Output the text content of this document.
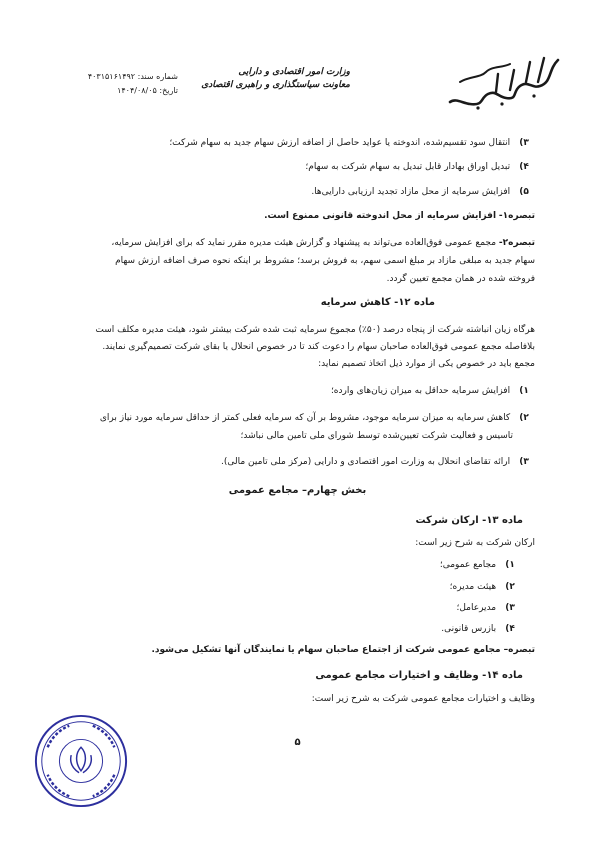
وزارت امور اقتصادی و دارایی
معاونت سیاستگذاری و راهبری اقتصادی
شماره سند: ۴۰۳۱۵۱۶۱۴۹۲
تاریخ: ۱۴۰۴/۰۸/۰۵
۳) انتقال سود تقسیم‌شده، اندوخته یا عواید حاصل از اضافه ارزش سهام جدید به سهام شرکت؛
۴) تبدیل اوراق بهادار قابل تبدیل به سهام شرکت به سهام؛
۵) افزایش سرمایه از محل مازاد تجدید ارزیابی دارایی‌ها.
تبصره۱- افزایش سرمایه از محل اندوخته قانونی ممنوع است.
تبصره۲- مجمع عمومی فوق‌العاده می‌تواند به پیشنهاد و گزارش هیئت مدیره مقرر نماید که برای افزایش سرمایه،
سهام جدید به مبلغی مازاد بر مبلغ اسمی سهم، به فروش برسد؛ مشروط بر اینکه نحوه صرف اضافه ارزش سهام
فروخته شده در همان مجمع تعیین گردد.
ماده ۱۲- کاهش سرمایه
هرگاه زیان انباشته شرکت از پنجاه درصد (۵۰٪) مجموع سرمایه ثبت شده شرکت بیشتر شود، هیئت مدیره مکلف است
بلافاصله مجمع عمومی فوق‌العاده صاحبان سهام را دعوت کند تا در خصوص انحلال یا بقای شرکت تصمیم‌گیری نمایند.
مجمع باید در خصوص یکی از موارد ذیل اتخاذ تصمیم نماید:
۱) افزایش سرمایه حداقل به میزان زیان‌های وارده؛
۲) کاهش سرمایه به میزان سرمایه موجود، مشروط بر آن که سرمایه فعلی کمتر از حداقل سرمایه مورد نیاز برای
تاسیس و فعالیت شرکت تعیین‌شده توسط شورای ملی تامین مالی نباشد؛
۳) ارائه تقاضای انحلال به وزارت امور اقتصادی و دارایی (مرکز ملی تامین مالی).
بخش چهارم– مجامع عمومی
ماده ۱۳- ارکان شرکت
ارکان شرکت به شرح زیر است:
۱) مجامع عمومی؛
۲) هیئت مدیره؛
۳) مدیرعامل؛
۴) بازرس قانونی.
تبصره– مجامع عمومی شرکت از اجتماع صاحبان سهام یا نمایندگان آنها تشکیل می‌شود.
ماده ۱۴- وظایف و اختیارات مجامع عمومی
وظایف و اختیارات مجامع عمومی شرکت به شرح زیر است:
۵
